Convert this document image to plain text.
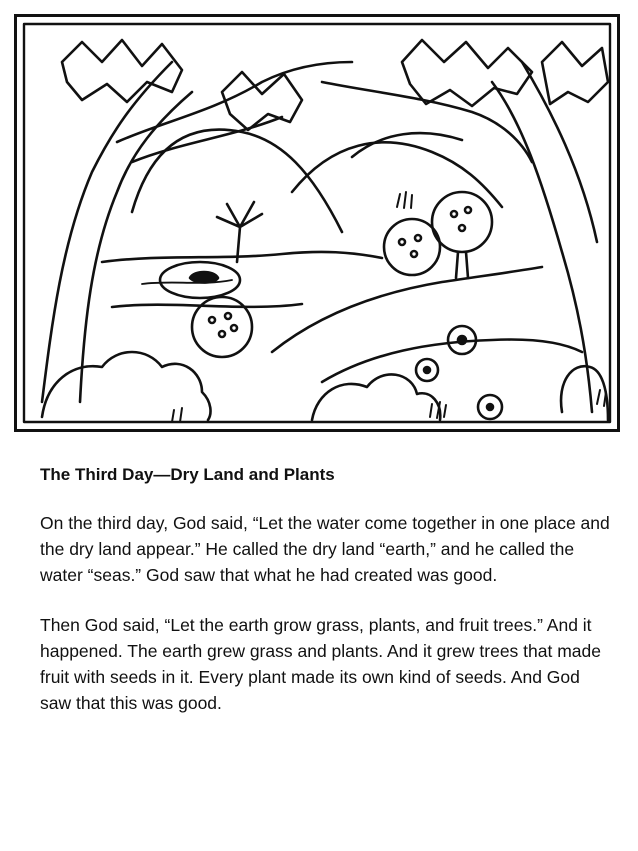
The Third Day—Dry Land and Plants

On the third day, God said, “Let the water come together in one place and the dry land appear.” He called the dry land “earth,” and he called the water “seas.” God saw that what he had created was good.

Then God said, “Let the earth grow grass, plants, and fruit trees.” And it happened. The earth grew grass and plants. And it grew trees that made fruit with seeds in it. Every plant made its own kind of seeds. And God saw that this was good.
